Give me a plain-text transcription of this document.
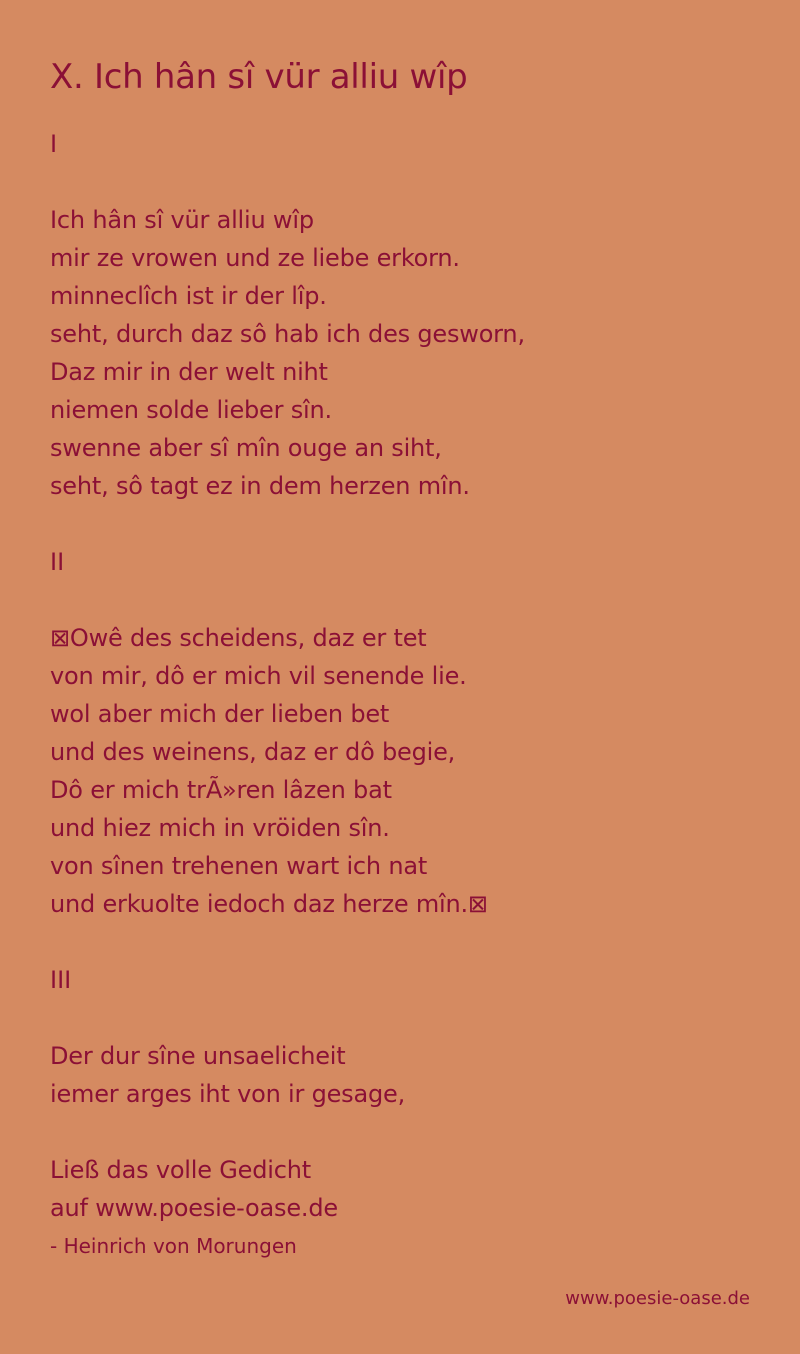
X. Ich hân sî vür alliu wîp
I
Ich hân sî vür alliu wîp
mir ze vrowen und ze liebe erkorn.
minneclîch ist ir der lîp.
seht, durch daz sô hab ich des gesworn,
Daz mir in der welt niht
niemen solde lieber sîn.
swenne aber sî mîn ouge an siht,
seht, sô tagt ez in dem herzen mîn.
II
⊠Owê des scheidens, daz er tet
von mir, dô er mich vil senende lie.
wol aber mich der lieben bet
und des weinens, daz er dô begie,
Dô er mich trÃ»ren lâzen bat
und hiez mich in vröiden sîn.
von sînen trehenen wart ich nat
und erkuolte iedoch daz herze mîn.⊠
III
Der dur sîne unsaelicheit
iemer arges iht von ir gesage,
Ließ das volle Gedicht
auf www.poesie-oase.de
- Heinrich von Morungen
www.poesie-oase.de
